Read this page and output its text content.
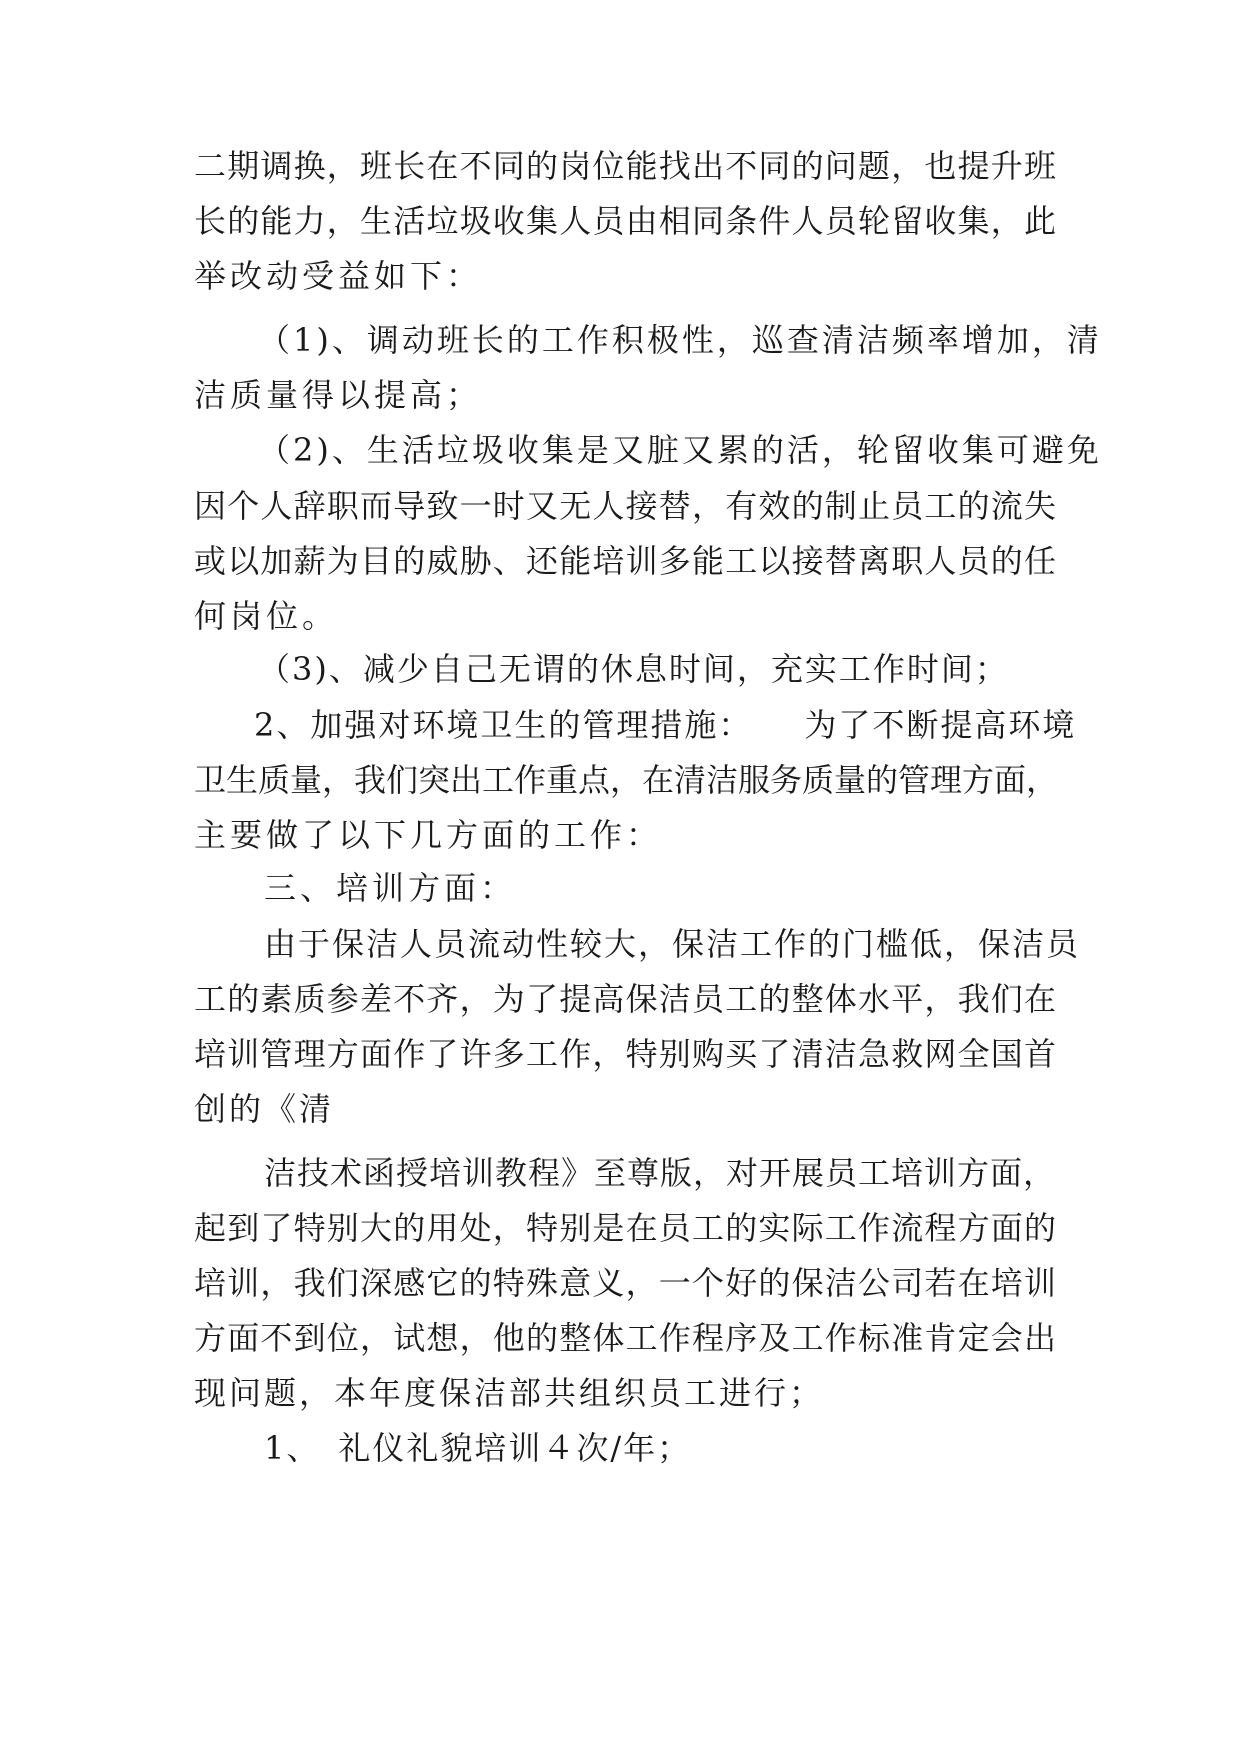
二期调换，班长在不同的岗位能找出不同的问题，也提升班
长的能力，生活垃圾收集人员由相同条件人员轮留收集，此
举改动受益如下：
（1)、调动班长的工作积极性，巡查清洁频率增加，清
洁质量得以提高；
（2)、生活垃圾收集是又脏又累的活，轮留收集可避免
因个人辞职而导致一时又无人接替，有效的制止员工的流失
或以加薪为目的威胁、还能培训多能工以接替离职人员的任
何岗位。
（3)、减少自己无谓的休息时间，充实工作时间；
2、加强对环境卫生的管理措施：　　为了不断提高环境
卫生质量，我们突出工作重点，在清洁服务质量的管理方面，
主要做了以下几方面的工作：
三、培训方面：
由于保洁人员流动性较大，保洁工作的门槛低，保洁员
工的素质参差不齐，为了提高保洁员工的整体水平，我们在
培训管理方面作了许多工作，特别购买了清洁急救网全国首
创的《清
洁技术函授培训教程》至尊版，对开展员工培训方面，
起到了特别大的用处，特别是在员工的实际工作流程方面的
培训，我们深感它的特殊意义，一个好的保洁公司若在培训
方面不到位，试想，他的整体工作程序及工作标准肯定会出
现问题，本年度保洁部共组织员工进行；
1、　礼仪礼貌培训４次/年；
